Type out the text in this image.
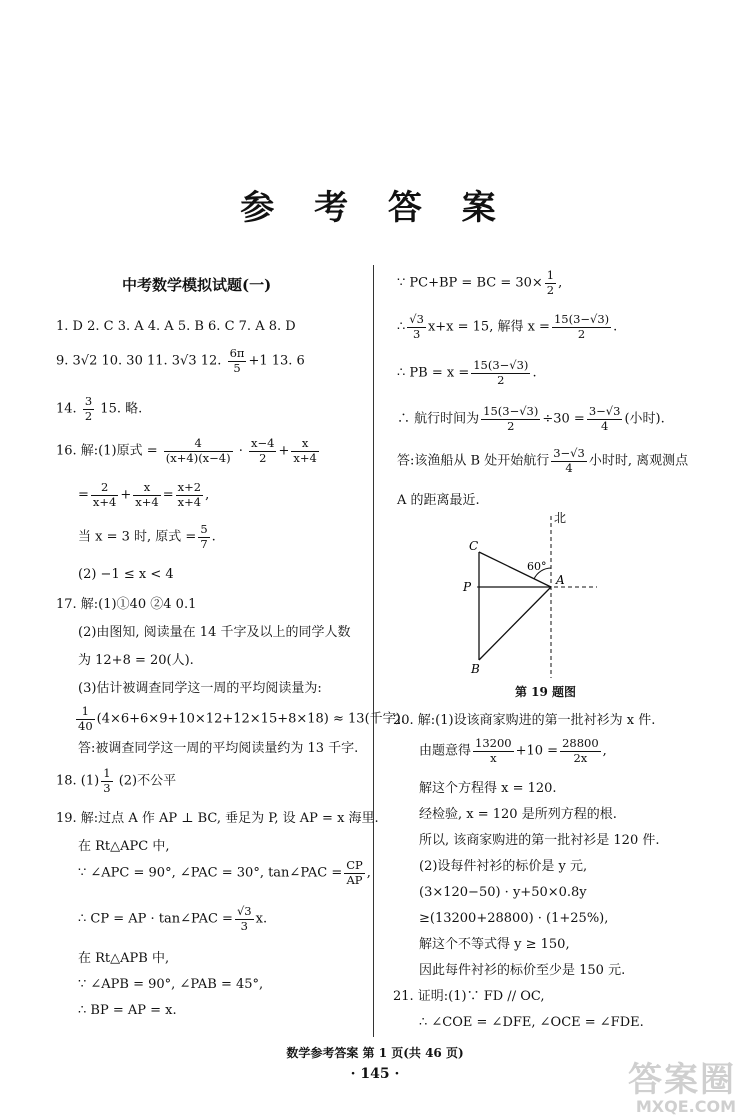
参 考 答 案
中考数学模拟试题(一)
1. D 2. C 3. A 4. A 5. B 6. C 7. A 8. D
9. 3√2 10. 30 11. 3√3 12. $\frac{6\pi}{5} +1$ 13. 6
14. $\frac{3}{2} 15$. 略.
16. 解:(1)原式 = $\frac{4}{(x+4)(x-4)} \cdot \frac{x-4}{2} + \frac{x}{x+4}$
= $\frac{2}{x+4} + \frac{x}{x+4} = \frac{x+2}{x+4}$ ,
当 x = 3 时, 原式 = $\frac{5}{7}$ .
(2) −1 ≤ x < 4
17. 解:(1)①40 ②4 0.1
(2)由图知, 阅读量在 14 千字及以上的同学人数
为 12+8 = 20(人).
(3)估计被调查同学这一周的平均阅读量为:
$\frac{1}{40} (4\times 6+6\times 9+10\times 12+12\times 15+8\times 18) \approx 13$(千字).
答:被调查同学这一周的平均阅读量约为 13 千字.
18. $(1) \frac{1}{3} (2)$不公平
19. 解:过点 A 作 AP ⊥ BC, 垂足为 P, 设 AP = x 海里.
在 Rt△APC 中,
∵ ∠APC = 90°, ∠PAC = 30°, tan∠PAC = $\frac{CP}{AP}$ ,
∴ CP = AP · tan∠PAC = $\frac{√3}{3} x$.
在 Rt△APB 中,
∵ ∠APB = 90°, ∠PAB = 45°,
∴ BP = AP = x.
∵ PC+BP = BC = $30\times \frac{1}{2}$ ,
∴ $\frac{√3}{3} x+x = 15$, 解得 $x = \frac{15(3-√3)}{2}$ .
∴ PB = $x = \frac{15(3-√3)}{2}$ .
∴ 航行时间为 $\frac{15(3-√3)}{2} \div 30 = \frac{3-√3}{4}$ (小时).
答:该渔船从 B 处开始航行 $\frac{3-√3}{4}$ 小时时, 离观测点
A 的距离最近.
北
C
P	A
B
60°
第 19 题图
20. 解:(1)设该商家购进的第一批衬衫为 x 件.
由题意得 $\frac{13200}{x} +10 = \frac{28800}{2x}$ ,
解这个方程得 x = 120.
经检验, x = 120 是所列方程的根.
所以, 该商家购进的第一批衬衫是 120 件.
(2)设每件衬衫的标价是 y 元,
(3×120−50) · y+50×0.8y
≥(13200+28800) · (1+25%),
解这个不等式得 y ≥ 150,
因此每件衬衫的标价至少是 150 元.
21. 证明:(1)∵ FD // OC,
∴ ∠COE = ∠DFE, ∠OCE = ∠FDE.
数学参考答案 第 1 页(共 46 页)
· 145 ·	答案圈
MXQE.COM
